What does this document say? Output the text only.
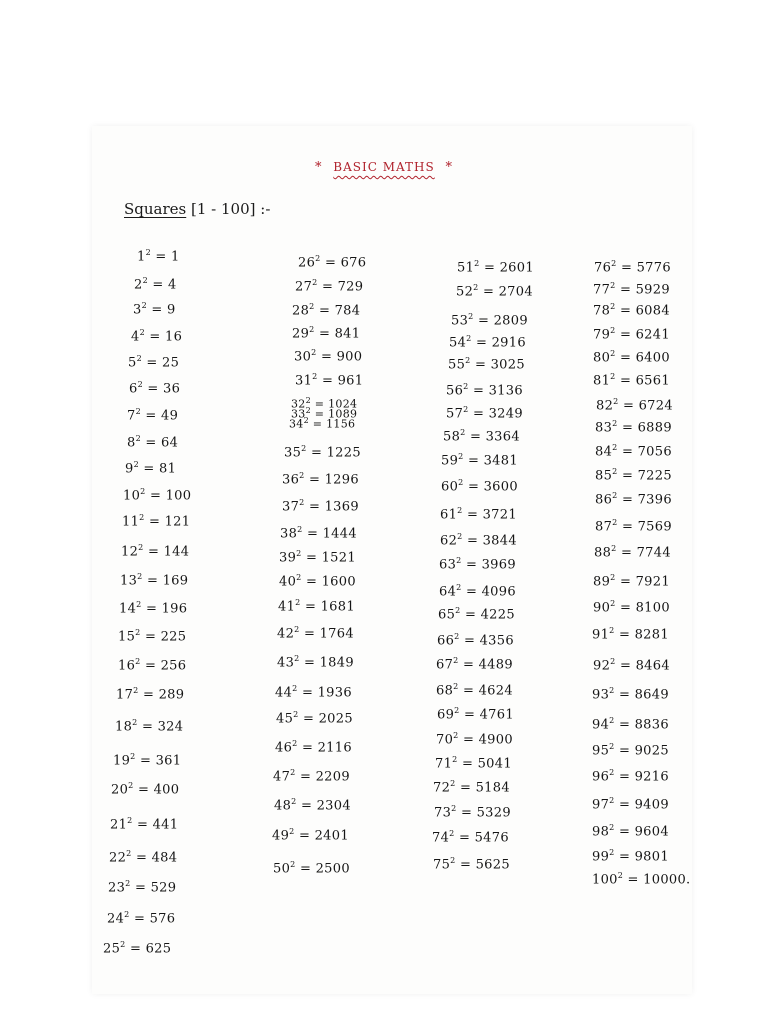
* BASIC MATHS *
Squares [1 - 100] :-
$1^2 = 1$
$2^2 = 4$
$3^2 = 9$
$4^2 = 16$
$5^2 = 25$
$6^2 = 36$
$7^2 = 49$
$8^2 = 64$
$9^2 = 81$
$10^2 = 100$
$11^2 = 121$
$12^2 = 144$
$13^2 = 169$
$14^2 = 196$
$15^2 = 225$
$16^2 = 256$
$17^2 = 289$
$18^2 = 324$
$19^2 = 361$
$20^2 = 400$
$21^2 = 441$
$22^2 = 484$
$23^2 = 529$
$24^2 = 576$
$25^2 = 625$
$26^2 = 676$
$27^2 = 729$
$28^2 = 784$
$29^2 = 841$
$30^2 = 900$
$31^2 = 961$
$32^2 = 1024$
$33^2 = 1089$
$34^2 = 1156$
$35^2 = 1225$
$36^2 = 1296$
$37^2 = 1369$
$38^2 = 1444$
$39^2 = 1521$
$40^2 = 1600$
$41^2 = 1681$
$42^2 = 1764$
$43^2 = 1849$
$44^2 = 1936$
$45^2 = 2025$
$46^2 = 2116$
$47^2 = 2209$
$48^2 = 2304$
$49^2 = 2401$
$50^2 = 2500$
$51^2 = 2601$
$52^2 = 2704$
$53^2 = 2809$
$54^2 = 2916$
$55^2 = 3025$
$56^2 = 3136$
$57^2 = 3249$
$58^2 = 3364$
$59^2 = 3481$
$60^2 = 3600$
$61^2 = 3721$
$62^2 = 3844$
$63^2 = 3969$
$64^2 = 4096$
$65^2 = 4225$
$66^2 = 4356$
$67^2 = 4489$
$68^2 = 4624$
$69^2 = 4761$
$70^2 = 4900$
$71^2 = 5041$
$72^2 = 5184$
$73^2 = 5329$
$74^2 = 5476$
$75^2 = 5625$
$76^2 = 5776$
$77^2 = 5929$
$78^2 = 6084$
$79^2 = 6241$
$80^2 = 6400$
$81^2 = 6561$
$82^2 = 6724$
$83^2 = 6889$
$84^2 = 7056$
$85^2 = 7225$
$86^2 = 7396$
$87^2 = 7569$
$88^2 = 7744$
$89^2 = 7921$
$90^2 = 8100$
$91^2 = 8281$
$92^2 = 8464$
$93^2 = 8649$
$94^2 = 8836$
$95^2 = 9025$
$96^2 = 9216$
$97^2 = 9409$
$98^2 = 9604$
$99^2 = 9801$
$100^2 = 10000$.
